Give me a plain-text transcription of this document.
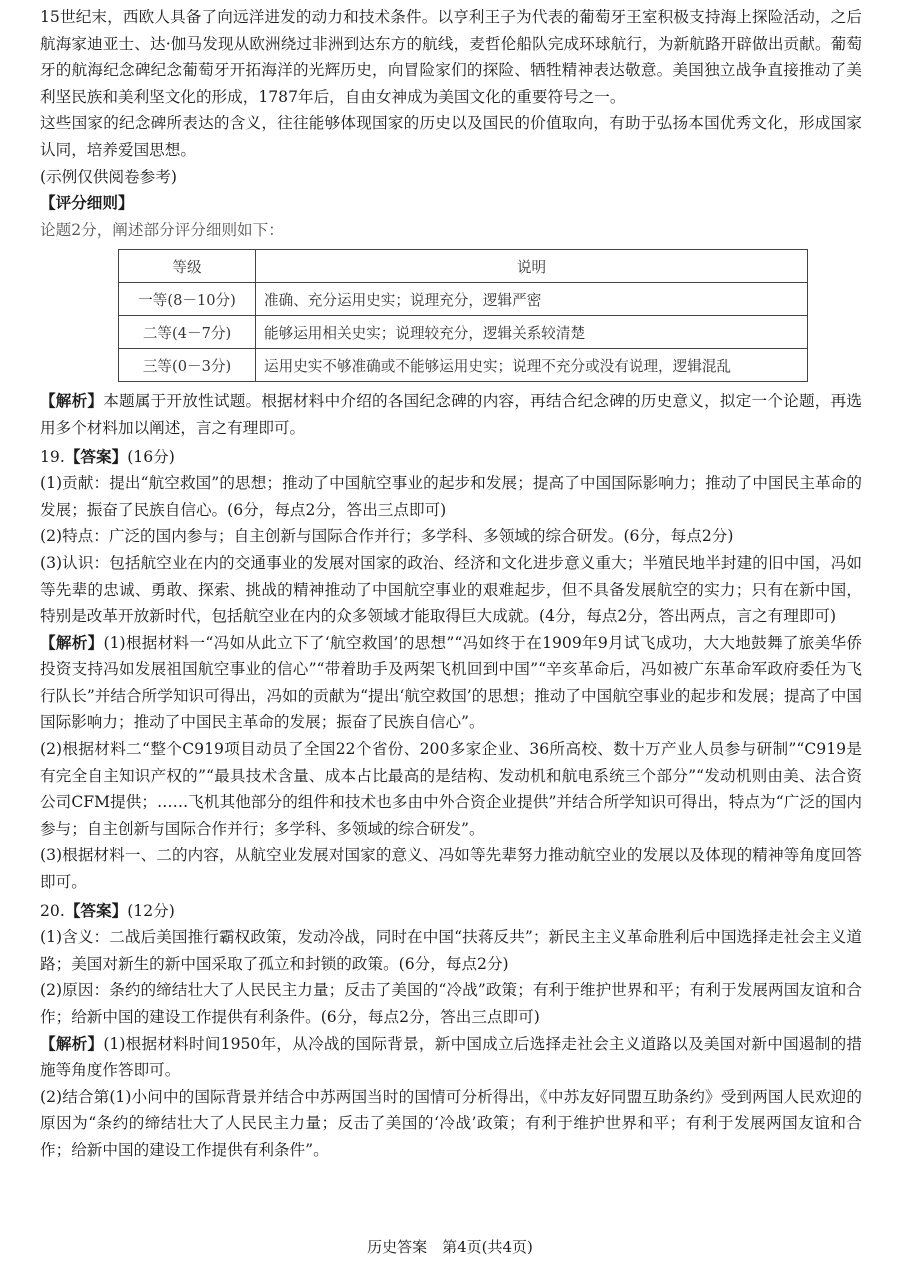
15世纪末，西欧人具备了向远洋进发的动力和技术条件。以亨利王子为代表的葡萄牙王室积极支持海上探险活动，之后航海家迪亚士、达·伽马发现从欧洲绕过非洲到达东方的航线，麦哲伦船队完成环球航行，为新航路开辟做出贡献。葡萄牙的航海纪念碑纪念葡萄牙开拓海洋的光辉历史，向冒险家们的探险、牺牲精神表达敬意。美国独立战争直接推动了美利坚民族和美利坚文化的形成，1787年后，自由女神成为美国文化的重要符号之一。

这些国家的纪念碑所表达的含义，往往能够体现国家的历史以及国民的价值取向，有助于弘扬本国优秀文化，形成国家认同，培养爱国思想。

(示例仅供阅卷参考)

【评分细则】

论题2分，阐述部分评分细则如下：

等级	说明
一等(8－10分)	准确、充分运用史实；说理充分，逻辑严密
二等(4－7分)	能够运用相关史实；说理较充分，逻辑关系较清楚
三等(0－3分)	运用史实不够准确或不能够运用史实；说理不充分或没有说理，逻辑混乱

【解析】本题属于开放性试题。根据材料中介绍的各国纪念碑的内容，再结合纪念碑的历史意义，拟定一个论题，再选用多个材料加以阐述，言之有理即可。

19.【答案】(16分)

(1)贡献：提出“航空救国”的思想；推动了中国航空事业的起步和发展；提高了中国国际影响力；推动了中国民主革命的发展；振奋了民族自信心。(6分，每点2分，答出三点即可)

(2)特点：广泛的国内参与；自主创新与国际合作并行；多学科、多领域的综合研发。(6分，每点2分)

(3)认识：包括航空业在内的交通事业的发展对国家的政治、经济和文化进步意义重大；半殖民地半封建的旧中国，冯如等先辈的忠诚、勇敢、探索、挑战的精神推动了中国航空事业的艰难起步，但不具备发展航空的实力；只有在新中国，特别是改革开放新时代，包括航空业在内的众多领域才能取得巨大成就。(4分，每点2分，答出两点，言之有理即可)

【解析】(1)根据材料一“冯如从此立下了‘航空救国’的思想”“冯如终于在1909年9月试飞成功，大大地鼓舞了旅美华侨投资支持冯如发展祖国航空事业的信心”“带着助手及两架飞机回到中国”“辛亥革命后，冯如被广东革命军政府委任为飞行队长”并结合所学知识可得出，冯如的贡献为“提出‘航空救国’的思想；推动了中国航空事业的起步和发展；提高了中国国际影响力；推动了中国民主革命的发展；振奋了民族自信心”。

(2)根据材料二“整个C919项目动员了全国22个省份、200多家企业、36所高校、数十万产业人员参与研制”“C919是有完全自主知识产权的”“最具技术含量、成本占比最高的是结构、发动机和航电系统三个部分”“发动机则由美、法合资公司CFM提供；……飞机其他部分的组件和技术也多由中外合资企业提供”并结合所学知识可得出，特点为“广泛的国内参与；自主创新与国际合作并行；多学科、多领域的综合研发”。

(3)根据材料一、二的内容，从航空业发展对国家的意义、冯如等先辈努力推动航空业的发展以及体现的精神等角度回答即可。

20.【答案】(12分)

(1)含义：二战后美国推行霸权政策，发动冷战，同时在中国“扶蒋反共”；新民主主义革命胜利后中国选择走社会主义道路；美国对新生的新中国采取了孤立和封锁的政策。(6分，每点2分)

(2)原因：条约的缔结壮大了人民民主力量；反击了美国的“冷战”政策；有利于维护世界和平；有利于发展两国友谊和合作；给新中国的建设工作提供有利条件。(6分，每点2分，答出三点即可)

【解析】(1)根据材料时间1950年，从冷战的国际背景，新中国成立后选择走社会主义道路以及美国对新中国遏制的措施等角度作答即可。

(2)结合第(1)小问中的国际背景并结合中苏两国当时的国情可分析得出，《中苏友好同盟互助条约》受到两国人民欢迎的原因为“条约的缔结壮大了人民民主力量；反击了美国的‘冷战’政策；有利于维护世界和平；有利于发展两国友谊和合作；给新中国的建设工作提供有利条件”。

历史答案　第4页(共4页)
